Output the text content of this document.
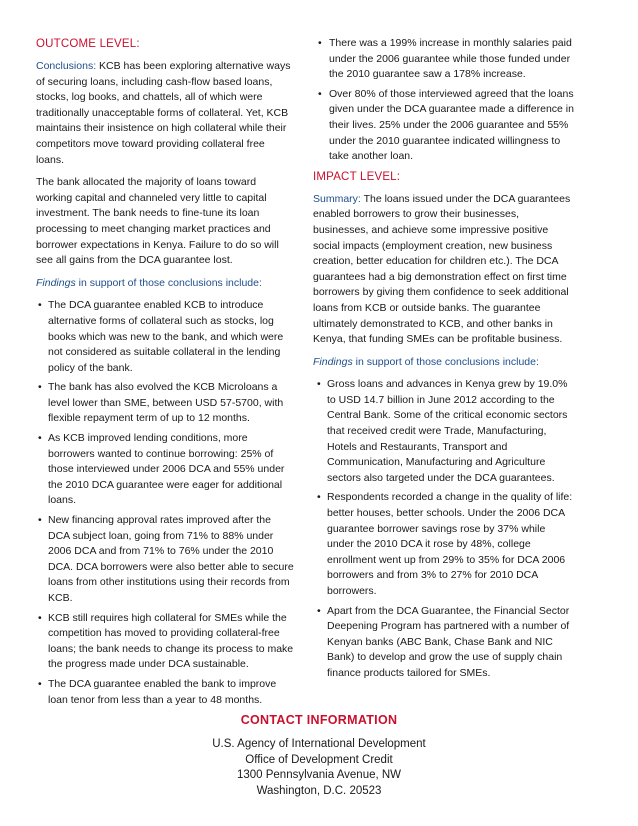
OUTCOME LEVEL:

Conclusions: KCB has been exploring alternative ways of securing loans, including cash-flow based loans, stocks, log books, and chattels, all of which were traditionally unacceptable forms of collateral. Yet, KCB maintains their insistence on high collateral while their competitors move toward providing collateral free loans.

The bank allocated the majority of loans toward working capital and channeled very little to capital investment. The bank needs to fine-tune its loan processing to meet changing market practices and borrower expectations in Kenya. Failure to do so will see all gains from the DCA guarantee lost.

Findings in support of those conclusions include:

• The DCA guarantee enabled KCB to introduce alternative forms of collateral such as stocks, log books which was new to the bank, and which were not considered as suitable collateral in the lending policy of the bank.
• The bank has also evolved the KCB Microloans a level lower than SME, between USD 57-5700, with flexible repayment term of up to 12 months.
• As KCB improved lending conditions, more borrowers wanted to continue borrowing: 25% of those interviewed under 2006 DCA and 55% under the 2010 DCA guarantee were eager for additional loans.
• New financing approval rates improved after the DCA subject loan, going from 71% to 88% under 2006 DCA and from 71% to 76% under the 2010 DCA. DCA borrowers were also better able to secure loans from other institutions using their records from KCB.
• KCB still requires high collateral for SMEs while the competition has moved to providing collateral-free loans; the bank needs to change its process to make the progress made under DCA sustainable.
• The DCA guarantee enabled the bank to improve loan tenor from less than a year to 48 months.
• There was a 199% increase in monthly salaries paid under the 2006 guarantee while those funded under the 2010 guarantee saw a 178% increase.
• Over 80% of those interviewed agreed that the loans given under the DCA guarantee made a difference in their lives. 25% under the 2006 guarantee and 55% under the 2010 guarantee indicated willingness to take another loan.
IMPACT LEVEL:

Summary: The loans issued under the DCA guarantees enabled borrowers to grow their businesses, businesses, and achieve some impressive positive social impacts (employment creation, new business creation, better education for children etc.). The DCA guarantees had a big demonstration effect on first time borrowers by giving them confidence to seek additional loans from KCB or outside banks. The guarantee ultimately demonstrated to KCB, and other banks in Kenya, that funding SMEs can be profitable business.

Findings in support of those conclusions include:

• Gross loans and advances in Kenya grew by 19.0% to USD 14.7 billion in June 2012 according to the Central Bank. Some of the critical economic sectors that received credit were Trade, Manufacturing, Hotels and Restaurants, Transport and Communication, Manufacturing and Agriculture sectors also targeted under the DCA guarantees.
• Respondents recorded a change in the quality of life: better houses, better schools. Under the 2006 DCA guarantee borrower savings rose by 37% while under the 2010 DCA it rose by 48%, college enrollment went up from 29% to 35% for DCA 2006 borrowers and from 3% to 27% for 2010 DCA borrowers.
• Apart from the DCA Guarantee, the Financial Sector Deepening Program has partnered with a number of Kenyan banks (ABC Bank, Chase Bank and NIC Bank) to develop and grow the use of supply chain finance products tailored for SMEs.
CONTACT INFORMATION
U.S. Agency of International Development
Office of Development Credit
1300 Pennsylvania Avenue, NW
Washington, D.C. 20523
